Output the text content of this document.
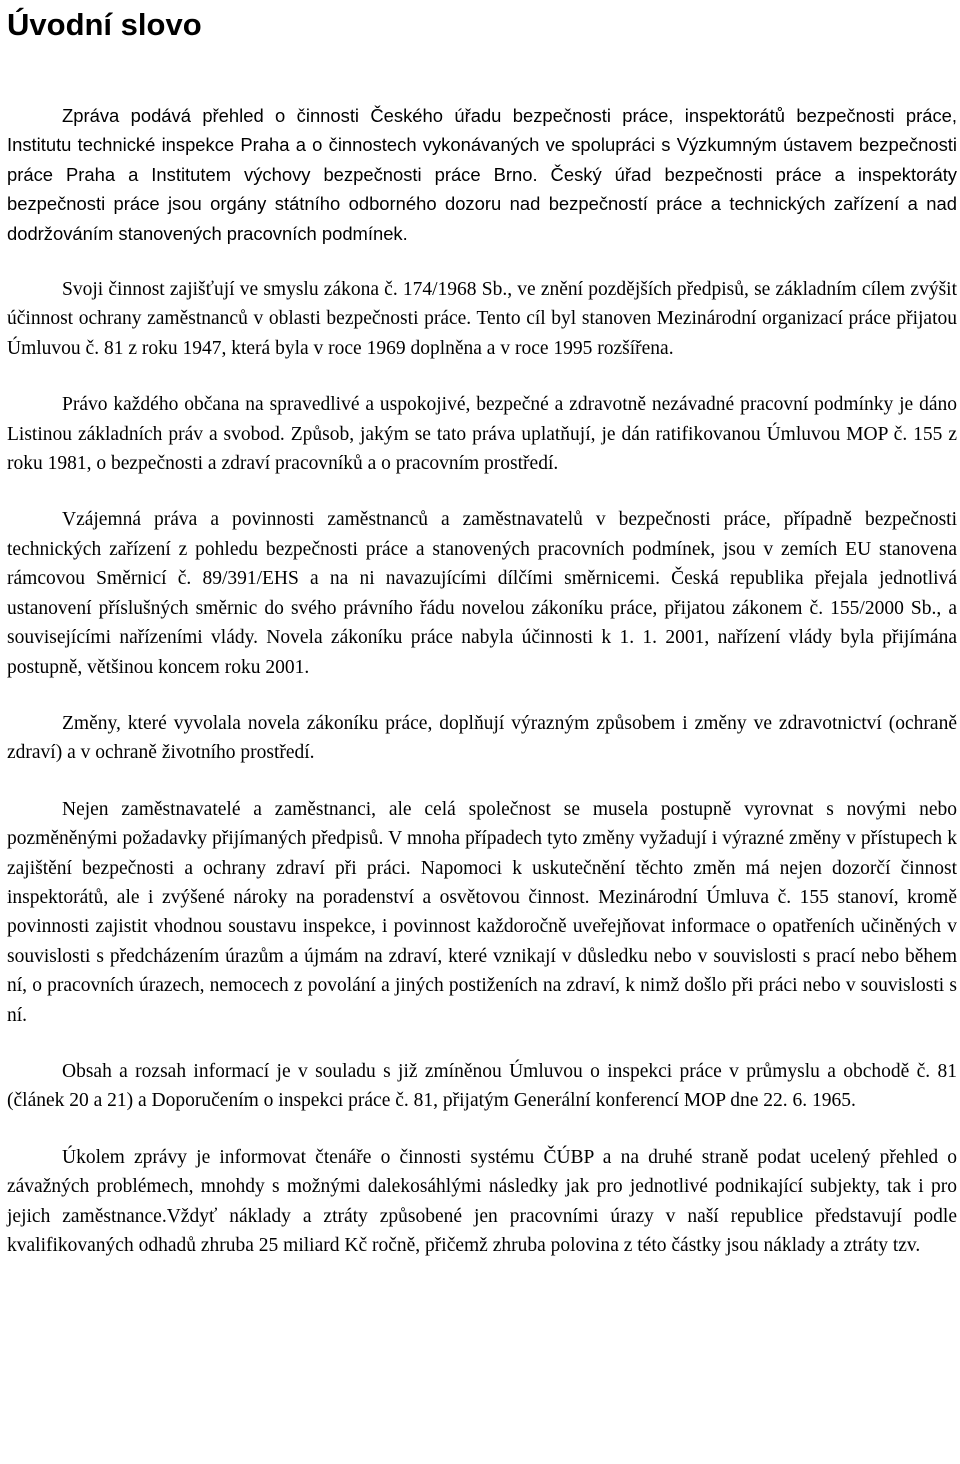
Úvodní slovo

Zpráva podává přehled o činnosti Českého úřadu bezpečnosti práce, inspektorátů bezpečnosti práce, Institutu technické inspekce Praha a o činnostech vykonávaných ve spolupráci s Výzkumným ústavem bezpečnosti práce Praha a Institutem výchovy bezpečnosti práce Brno. Český úřad bezpečnosti práce a inspektoráty bezpečnosti práce jsou orgány státního odborného dozoru nad bezpečností práce a technických zařízení a nad dodržováním stanovených pracovních podmínek.

Svoji činnost zajišťují ve smyslu zákona č. 174/1968 Sb., ve znění pozdějších předpisů, se základním cílem zvýšit účinnost ochrany zaměstnanců v oblasti bezpečnosti práce. Tento cíl byl stanoven Mezinárodní organizací práce přijatou Úmluvou č. 81 z roku 1947, která byla v roce 1969 doplněna a v roce 1995 rozšířena.

Právo každého občana na spravedlivé a uspokojivé, bezpečné a zdravotně nezávadné pracovní podmínky je dáno Listinou základních práv a svobod. Způsob, jakým se tato práva uplatňují, je dán ratifikovanou Úmluvou MOP č. 155 z roku 1981, o bezpečnosti a zdraví pracovníků a o pracovním prostředí.

Vzájemná práva a povinnosti zaměstnanců a zaměstnavatelů v bezpečnosti práce, případně bezpečnosti technických zařízení z pohledu bezpečnosti práce a stanovených pracovních podmínek, jsou v zemích EU stanovena rámcovou Směrnicí č. 89/391/EHS a na ni navazujícími dílčími směrnicemi. Česká republika přejala jednotlivá ustanovení příslušných směrnic do svého právního řádu novelou zákoníku práce, přijatou zákonem č. 155/2000 Sb., a souvisejícími nařízeními vlády. Novela zákoníku práce nabyla účinnosti k 1. 1. 2001, nařízení vlády byla přijímána postupně, většinou koncem roku 2001.

Změny, které vyvolala novela zákoníku práce, doplňují výrazným způsobem i změny ve zdravotnictví (ochraně zdraví) a v ochraně životního prostředí.

Nejen zaměstnavatelé a zaměstnanci, ale celá společnost se musela postupně vyrovnat s novými nebo pozměněnými požadavky přijímaných předpisů. V mnoha případech tyto změny vyžadují i výrazné změny v přístupech k zajištění bezpečnosti a ochrany zdraví při práci. Napomoci k uskutečnění těchto změn má nejen dozorčí činnost inspektorátů, ale i zvýšené nároky na poradenství a osvětovou činnost. Mezinárodní Úmluva č. 155 stanoví, kromě povinnosti zajistit vhodnou soustavu inspekce, i povinnost každoročně uveřejňovat informace o opatřeních učiněných v souvislosti s předcházením úrazům a újmám na zdraví, které vznikají v důsledku nebo v souvislosti s prací nebo během ní, o pracovních úrazech, nemocech z povolání a jiných postiženích na zdraví, k nimž došlo při práci nebo v souvislosti s ní.

Obsah a rozsah informací je v souladu s již zmíněnou Úmluvou o inspekci práce v průmyslu a obchodě č. 81 (článek 20 a 21) a Doporučením o inspekci práce č. 81, přijatým Generální konferencí MOP dne 22. 6. 1965.

Úkolem zprávy je informovat čtenáře o činnosti systému ČÚBP a na druhé straně podat ucelený přehled o závažných problémech, mnohdy s možnými dalekosáhlými následky jak pro jednotlivé podnikající subjekty, tak i pro jejich zaměstnance.Vždyť náklady a ztráty způsobené jen pracovními úrazy v naší republice představují podle kvalifikovaných odhadů zhruba 25 miliard Kč ročně, přičemž zhruba polovina z této částky jsou náklady a ztráty tzv.
